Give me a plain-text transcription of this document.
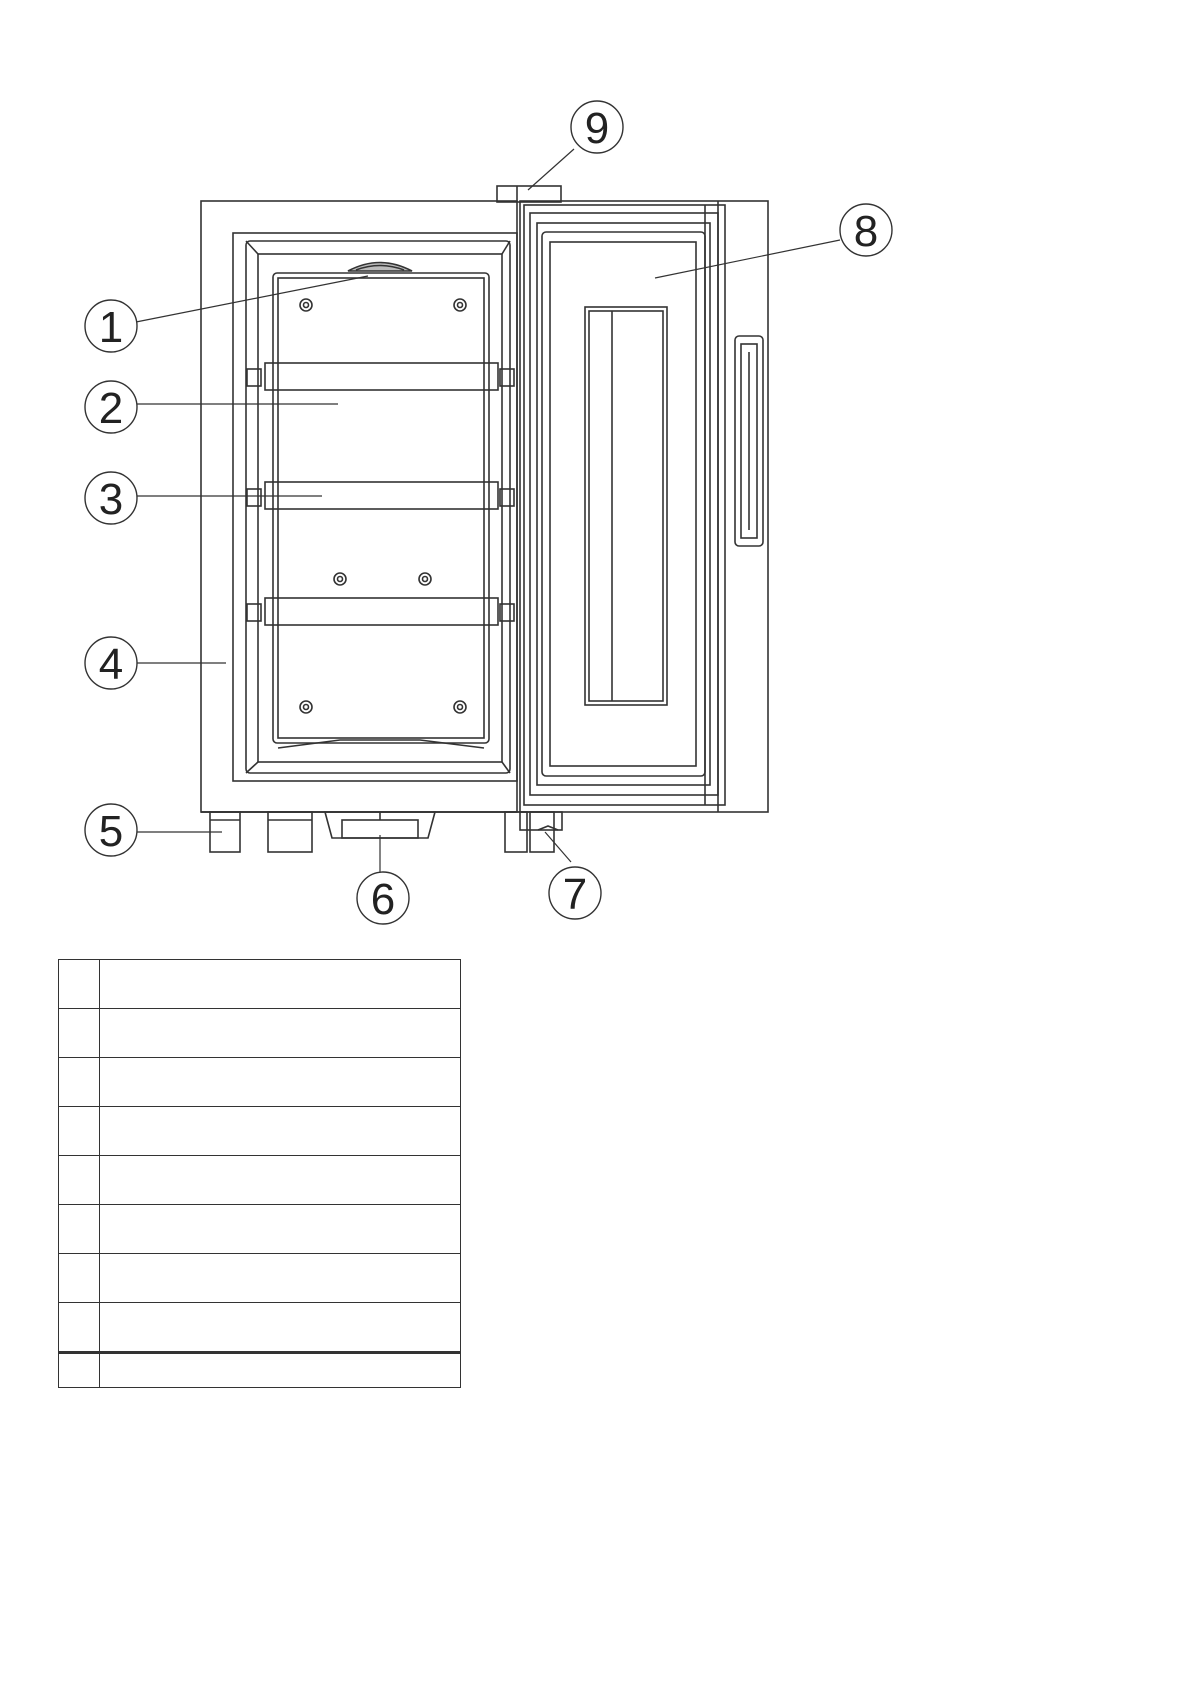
1
2
3
4
5
6	7
8
9
